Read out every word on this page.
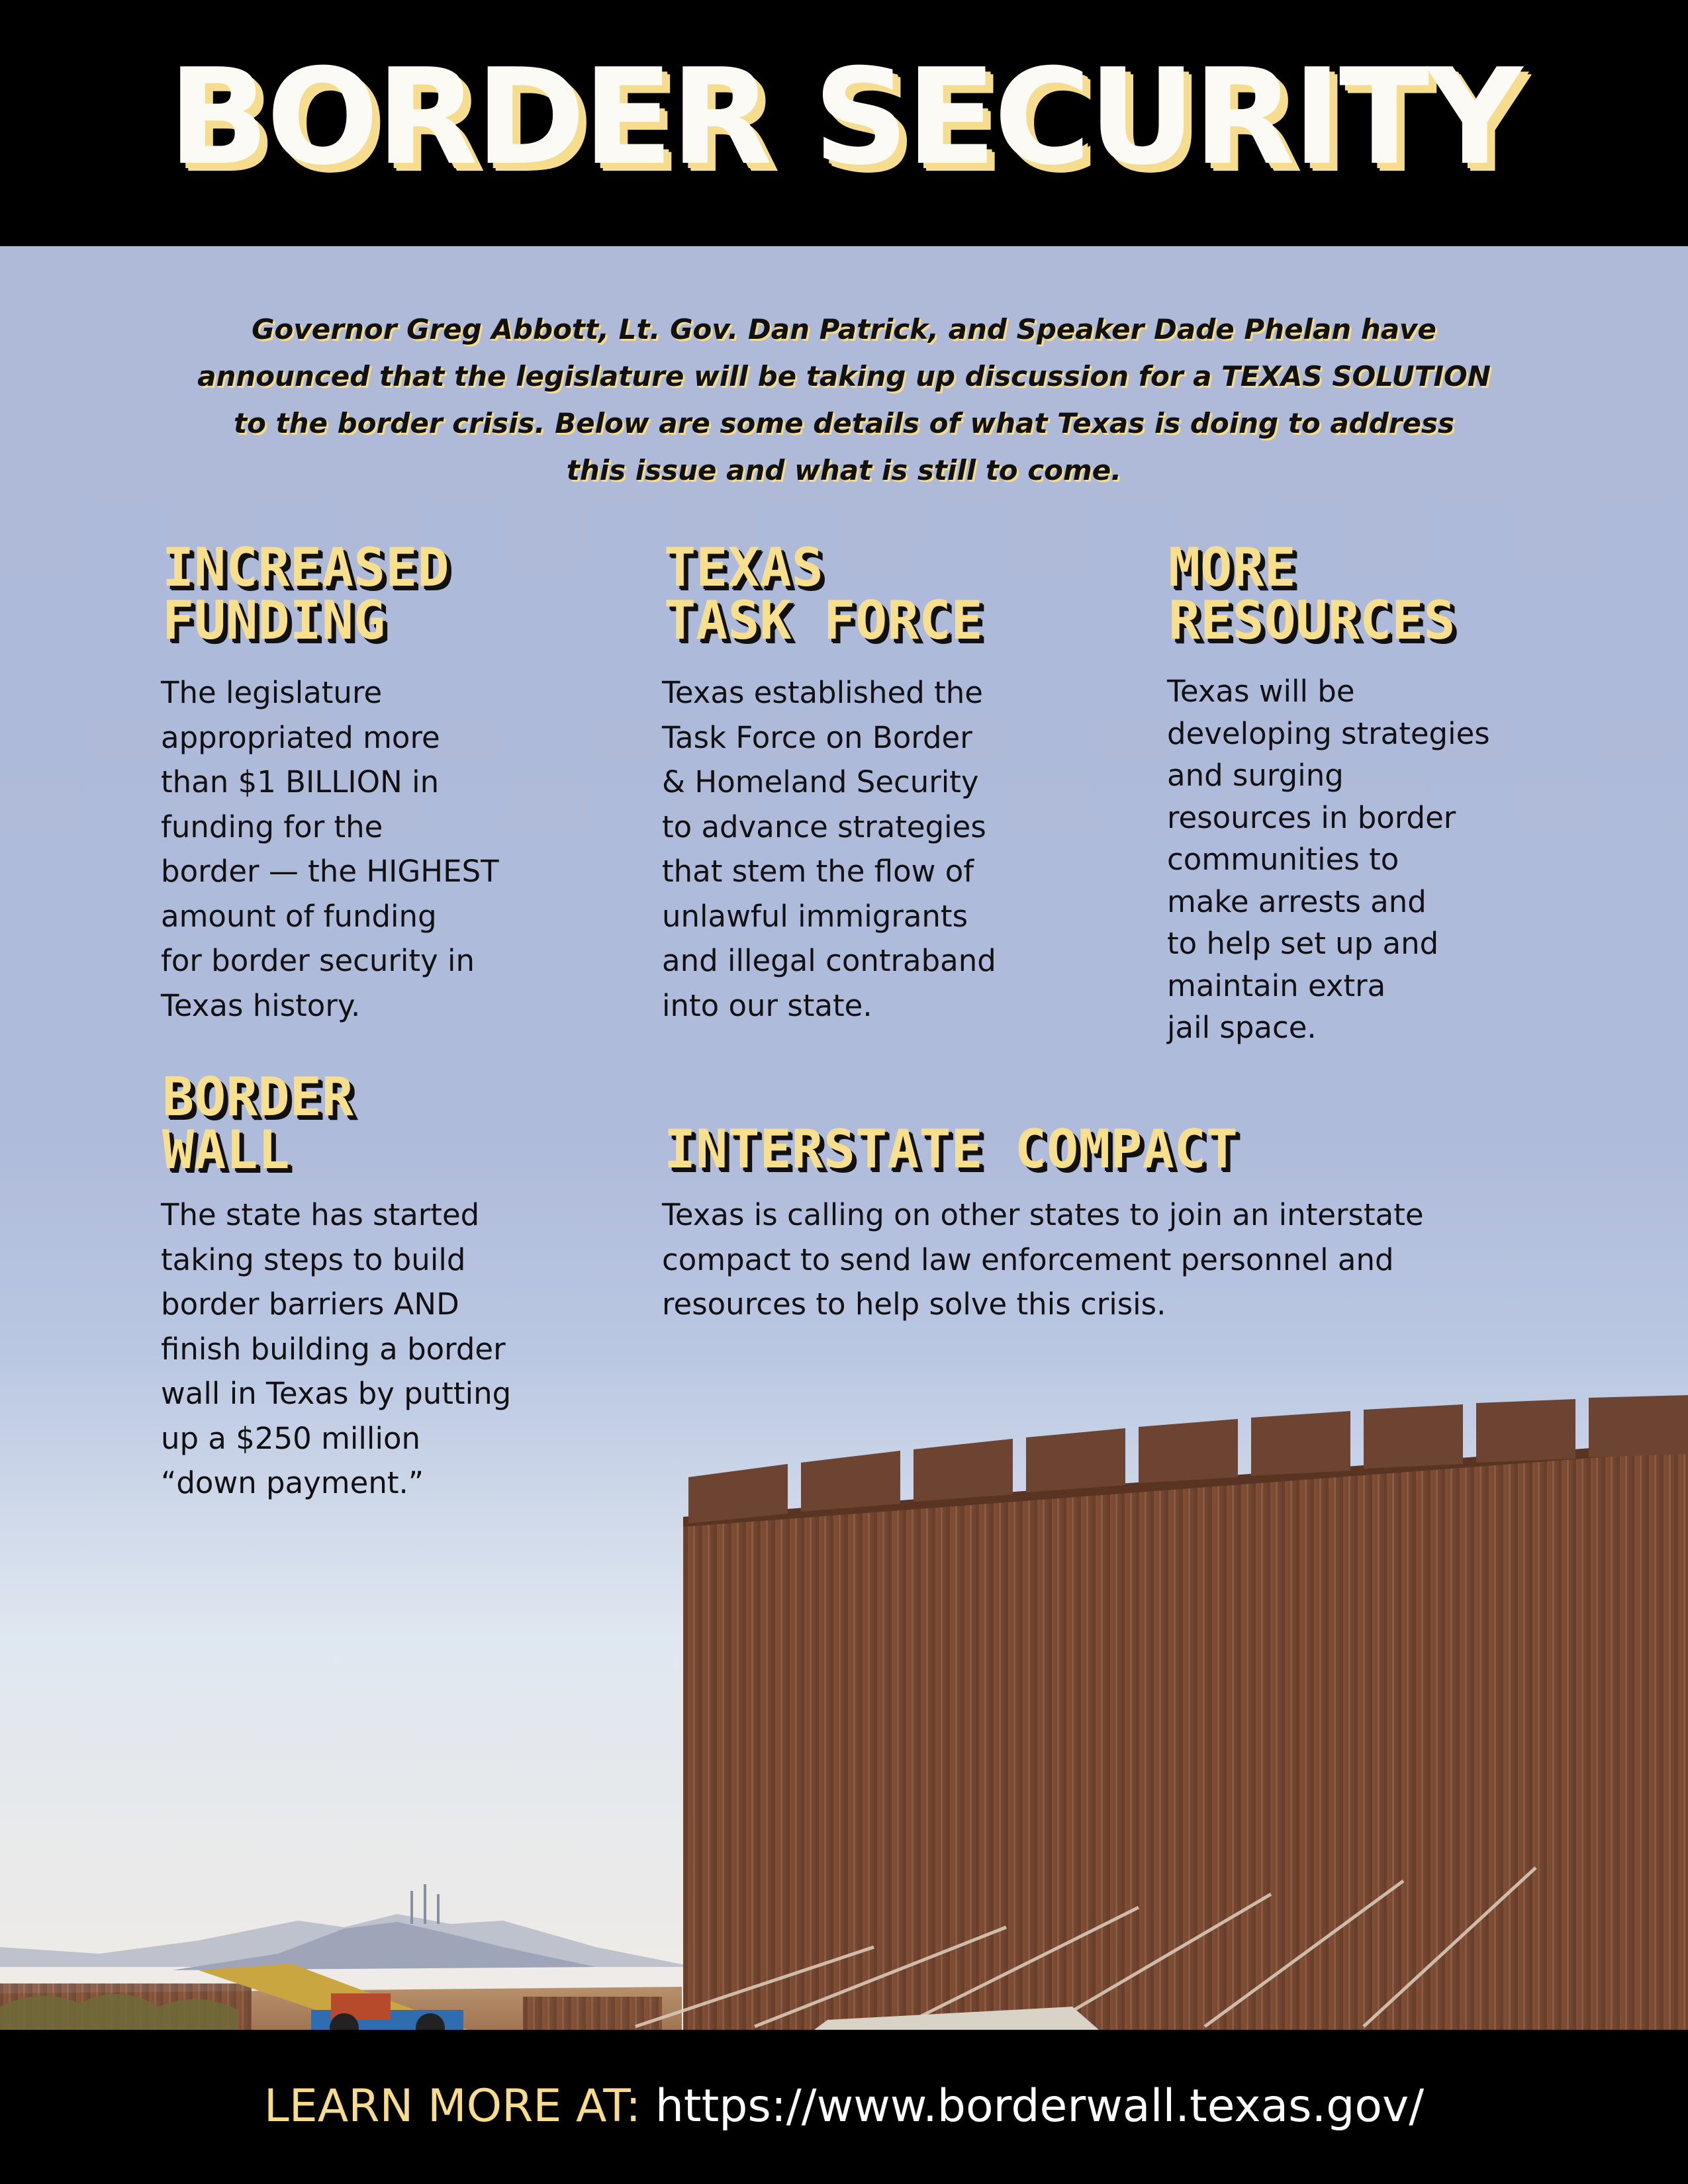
BORDER SECURITY

Governor Greg Abbott, Lt. Gov. Dan Patrick, and Speaker Dade Phelan have
announced that the legislature will be taking up discussion for a TEXAS SOLUTION
to the border crisis. Below are some details of what Texas is doing to address
this issue and what is still to come.

INCREASED
FUNDING

The legislature
appropriated more
than $1 BILLION in
funding for the
border — the HIGHEST
amount of funding
for border security in
Texas history.

TEXAS
TASK FORCE

Texas established the
Task Force on Border
& Homeland Security
to advance strategies
that stem the flow of
unlawful immigrants
and illegal contraband
into our state.

MORE
RESOURCES

Texas will be
developing strategies
and surging
resources in border
communities to
make arrests and
to help set up and
maintain extra
jail space.

BORDER
WALL

The state has started
taking steps to build
border barriers AND
finish building a border
wall in Texas by putting
up a $250 million
“down payment.”

INTERSTATE COMPACT

Texas is calling on other states to join an interstate
compact to send law enforcement personnel and
resources to help solve this crisis.

LEARN MORE AT: https://www.borderwall.texas.gov/
